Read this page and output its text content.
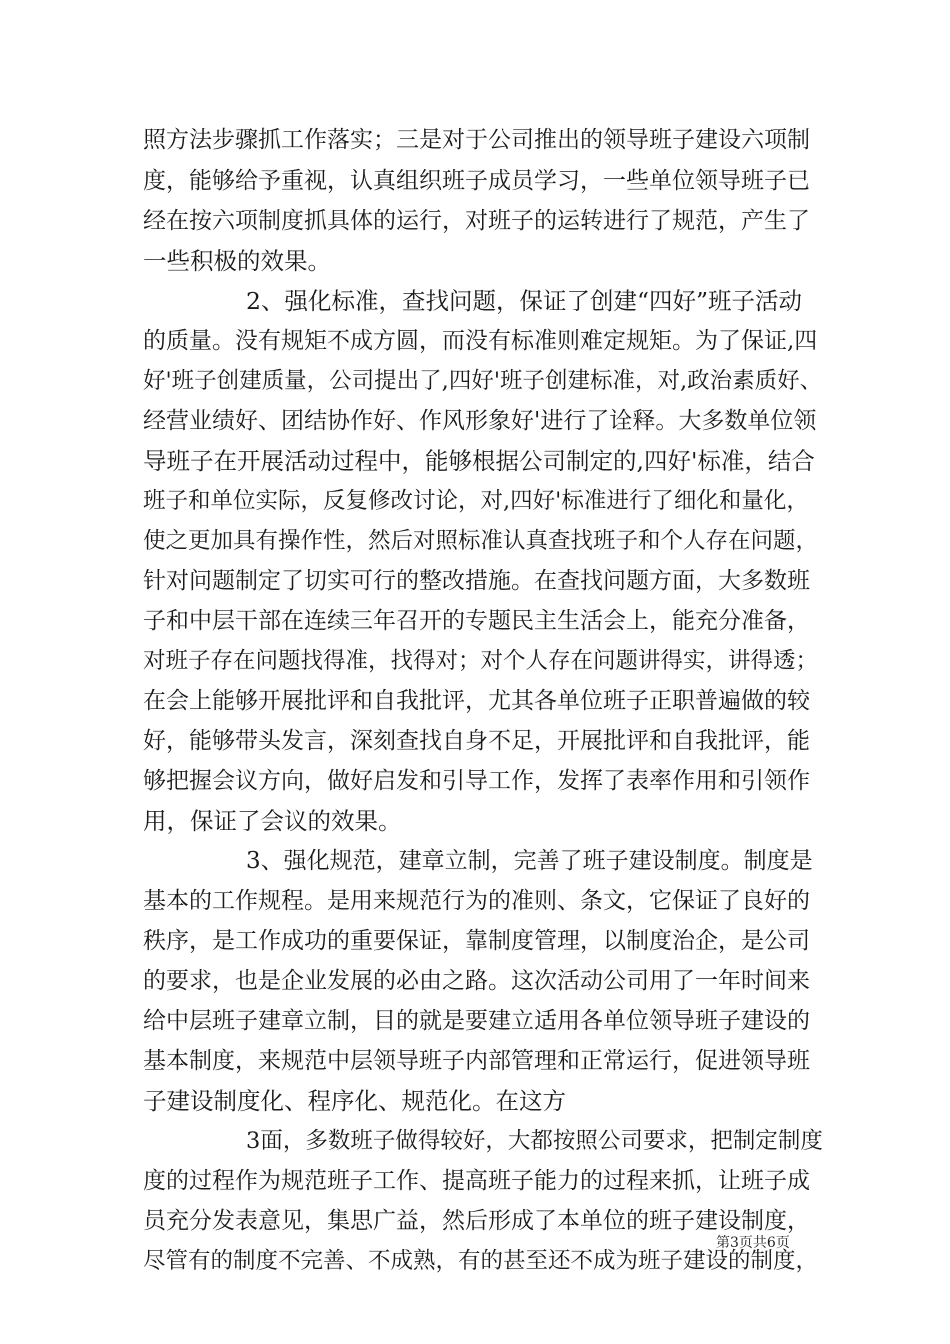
照方法步骤抓工作落实；三是对于公司推出的领导班子建设六项制
度，能够给予重视，认真组织班子成员学习，一些单位领导班子已
经在按六项制度抓具体的运行，对班子的运转进行了规范，产生了
一些积极的效果。
2、强化标准，查找问题，保证了创建“四好”班子活动
的质量。没有规矩不成方圆，而没有标准则难定规矩。为了保证,四
好'班子创建质量，公司提出了,四好'班子创建标准，对,政治素质好、
经营业绩好、团结协作好、作风形象好'进行了诠释。大多数单位领
导班子在开展活动过程中，能够根据公司制定的,四好'标准，结合
班子和单位实际，反复修改讨论，对,四好'标准进行了细化和量化，
使之更加具有操作性，然后对照标准认真查找班子和个人存在问题，
针对问题制定了切实可行的整改措施。在查找问题方面，大多数班
子和中层干部在连续三年召开的专题民主生活会上，能充分准备，
对班子存在问题找得准，找得对；对个人存在问题讲得实，讲得透；
在会上能够开展批评和自我批评，尤其各单位班子正职普遍做的较
好，能够带头发言，深刻查找自身不足，开展批评和自我批评，能
够把握会议方向，做好启发和引导工作，发挥了表率作用和引领作
用，保证了会议的效果。
3、强化规范，建章立制，完善了班子建设制度。制度是
基本的工作规程。是用来规范行为的准则、条文，它保证了良好的
秩序，是工作成功的重要保证，靠制度管理，以制度治企，是公司
的要求，也是企业发展的必由之路。这次活动公司用了一年时间来
给中层班子建章立制，目的就是要建立适用各单位领导班子建设的
基本制度，来规范中层领导班子内部管理和正常运行，促进领导班
子建设制度化、程序化、规范化。在这方
3面，多数班子做得较好，大都按照公司要求，把制定制度
度的过程作为规范班子工作、提高班子能力的过程来抓，让班子成
员充分发表意见，集思广益，然后形成了本单位的班子建设制度，
尽管有的制度不完善、不成熟，有的甚至还不成为班子建设的制度，
第3页共6页
